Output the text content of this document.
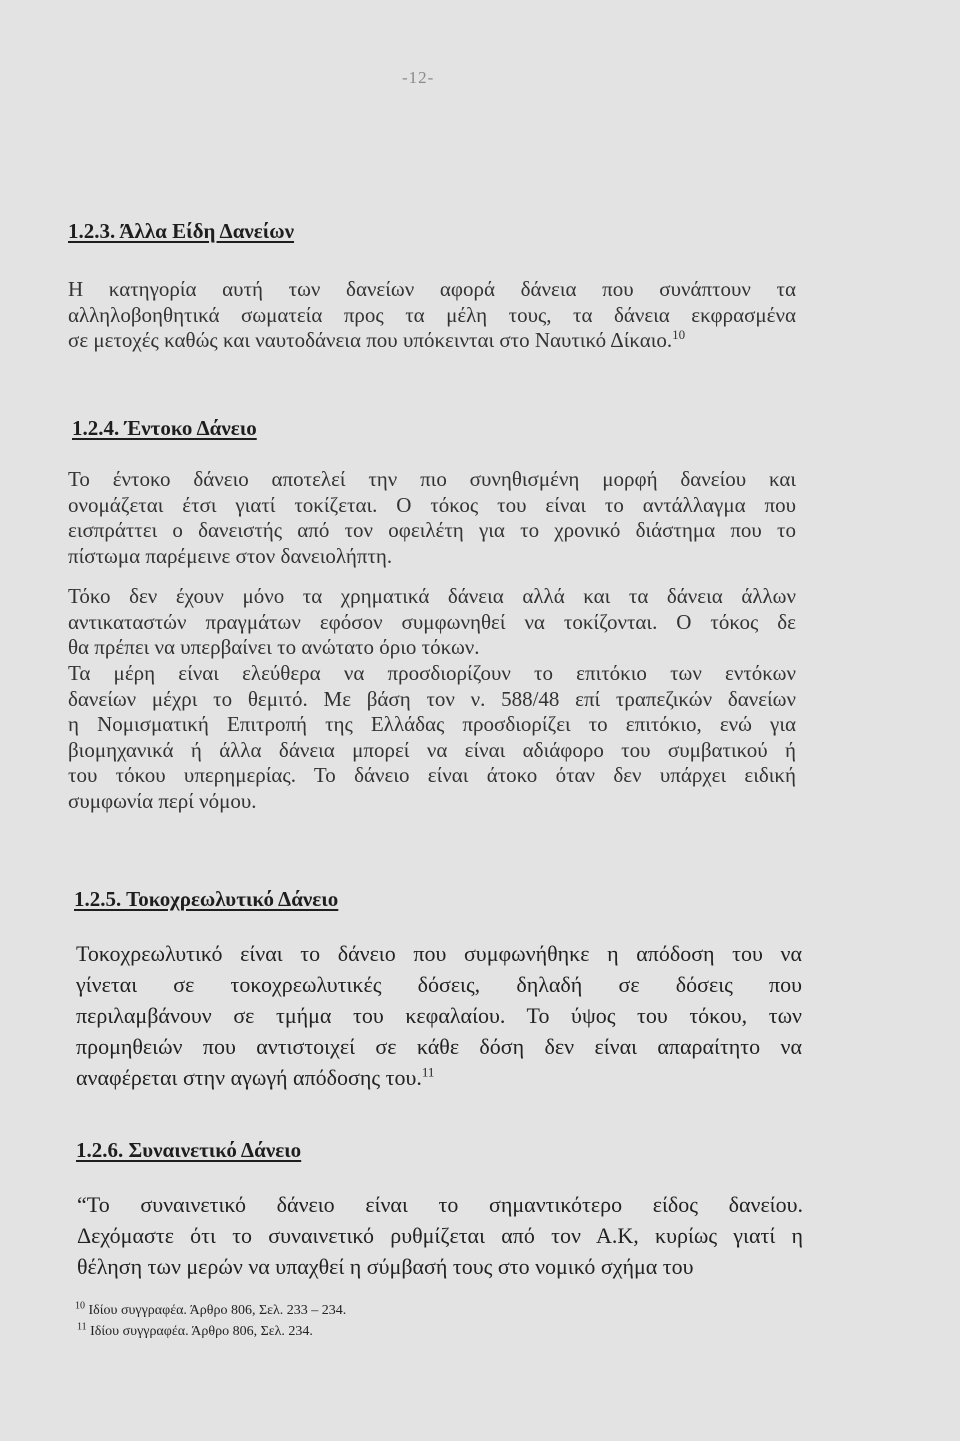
-12-
1.2.3. Άλλα Είδη Δανείων
Η κατηγορία αυτή των δανείων αφορά δάνεια που συνάπτουν τα
αλληλοβοηθητικά σωματεία προς τα μέλη τους, τα δάνεια εκφρασμένα
σε μετοχές καθώς και ναυτοδάνεια που υπόκεινται στο Ναυτικό Δίκαιο.$^{10}$
1.2.4. Έντοκο Δάνειο
Το έντοκο δάνειο αποτελεί την πιο συνηθισμένη μορφή δανείου και
ονομάζεται έτσι γιατί τοκίζεται. Ο τόκος του είναι το αντάλλαγμα που
εισπράττει ο δανειστής από τον οφειλέτη για το χρονικό διάστημα που το
πίστωμα παρέμεινε στον δανειολήπτη.
Τόκο δεν έχουν μόνο τα χρηματικά δάνεια αλλά και τα δάνεια άλλων
αντικαταστών πραγμάτων εφόσον συμφωνηθεί να τοκίζονται. Ο τόκος δε
θα πρέπει να υπερβαίνει το ανώτατο όριο τόκων.
Τα μέρη είναι ελεύθερα να προσδιορίζουν το επιτόκιο των εντόκων
δανείων μέχρι το θεμιτό. Με βάση τον ν. 588/48 επί τραπεζικών δανείων
η Νομισματική Επιτροπή της Ελλάδας προσδιορίζει το επιτόκιο, ενώ για
βιομηχανικά ή άλλα δάνεια μπορεί να είναι αδιάφορο του συμβατικού ή
του τόκου υπερημερίας. Το δάνειο είναι άτοκο όταν δεν υπάρχει ειδική
συμφωνία περί νόμου.
1.2.5. Τοκοχρεωλυτικό Δάνειο
Τοκοχρεωλυτικό είναι το δάνειο που συμφωνήθηκε η απόδοση του να
γίνεται σε τοκοχρεωλυτικές δόσεις, δηλαδή σε δόσεις που
περιλαμβάνουν σε τμήμα του κεφαλαίου. Το ύψος του τόκου, των
προμηθειών που αντιστοιχεί σε κάθε δόση δεν είναι απαραίτητο να
αναφέρεται στην αγωγή απόδοσης του.$^{11}$
1.2.6. Συναινετικό Δάνειο
“Το συναινετικό δάνειο είναι το σημαντικότερο είδος δανείου.
Δεχόμαστε ότι το συναινετικό ρυθμίζεται από τον Α.Κ, κυρίως γιατί η
θέληση των μερών να υπαχθεί η σύμβασή τους στο νομικό σχήμα του
$^{10}$ Ιδίου συγγραφέα. Άρθρο 806, Σελ. 233 – 234.
$^{11}$ Ιδίου συγγραφέα. Άρθρο 806, Σελ. 234.
